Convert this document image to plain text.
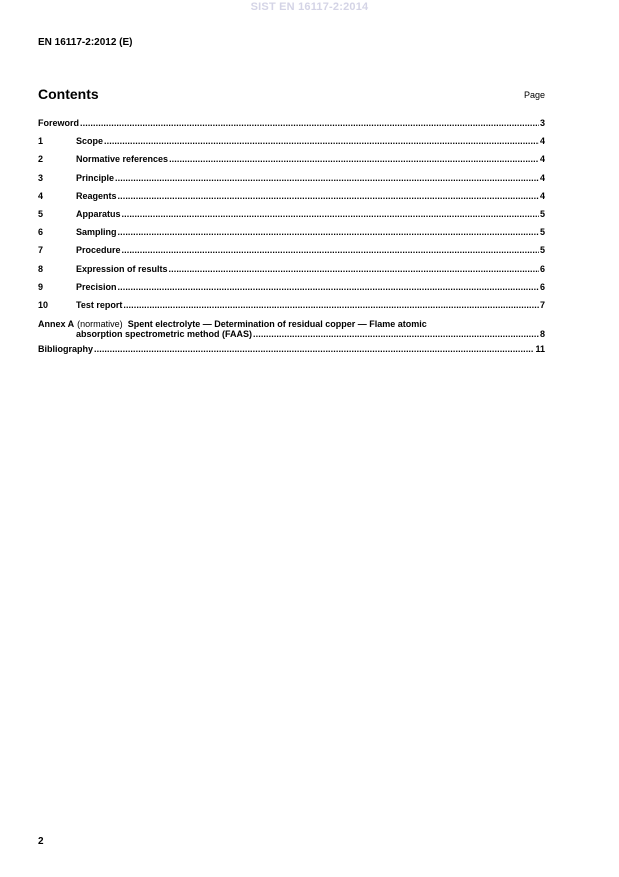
SIST EN 16117-2:2014
EN 16117-2:2012 (E)
Contents	Page
Foreword .....	3
1	Scope .....	4
2	Normative references .....	4
3	Principle .....	4
4	Reagents .....	4
5	Apparatus .....	5
6	Sampling .....	5
7	Procedure .....	5
8	Expression of results .....	6
9	Precision .....	6
10	Test report .....	7
Annex A (normative) Spent electrolyte — Determination of residual copper — Flame atomic
absorption spectrometric method (FAAS) .....	8
Bibliography .....	11
2
